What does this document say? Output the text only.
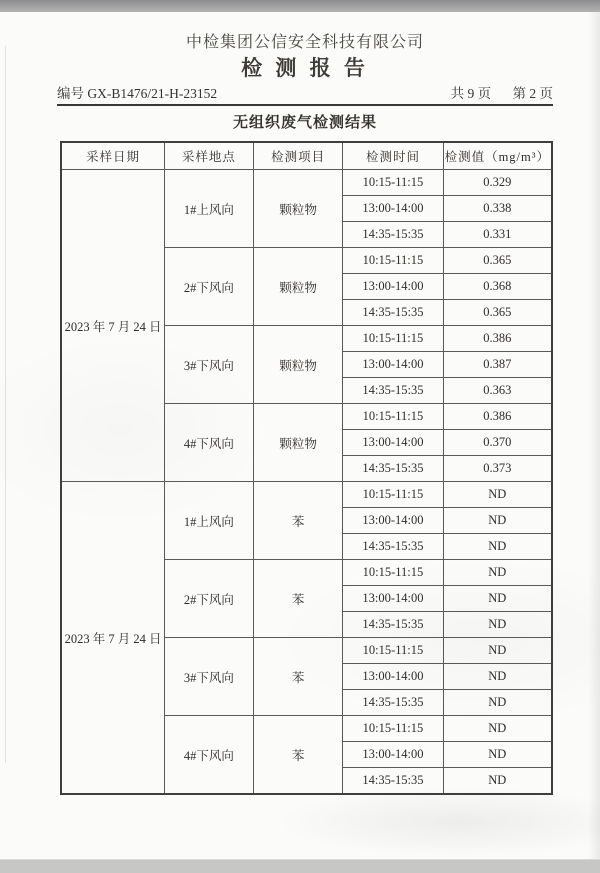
中检集团公信安全科技有限公司
检 测 报 告
编号 GX-B1476/21-H-23152	共 9 页 第 2 页
无组织废气检测结果
采样日期	采样地点	检测项目	检测时间	检测值（mg/m³）
2023 年 7 月 24 日	1#上风向	颗粒物	10:15-11:15	0.329
			13:00-14:00	0.338
			14:35-15:35	0.331
	2#下风向	颗粒物	10:15-11:15	0.365
			13:00-14:00	0.368
			14:35-15:35	0.365
	3#下风向	颗粒物	10:15-11:15	0.386
			13:00-14:00	0.387
			14:35-15:35	0.363
	4#下风向	颗粒物	10:15-11:15	0.386
			13:00-14:00	0.370
			14:35-15:35	0.373
2023 年 7 月 24 日	1#上风向	苯	10:15-11:15	ND
			13:00-14:00	ND
			14:35-15:35	ND
	2#下风向	苯	10:15-11:15	ND
			13:00-14:00	ND
			14:35-15:35	ND
	3#下风向	苯	10:15-11:15	ND
			13:00-14:00	ND
			14:35-15:35	ND
	4#下风向	苯	10:15-11:15	ND
			13:00-14:00	ND
			14:35-15:35	ND
